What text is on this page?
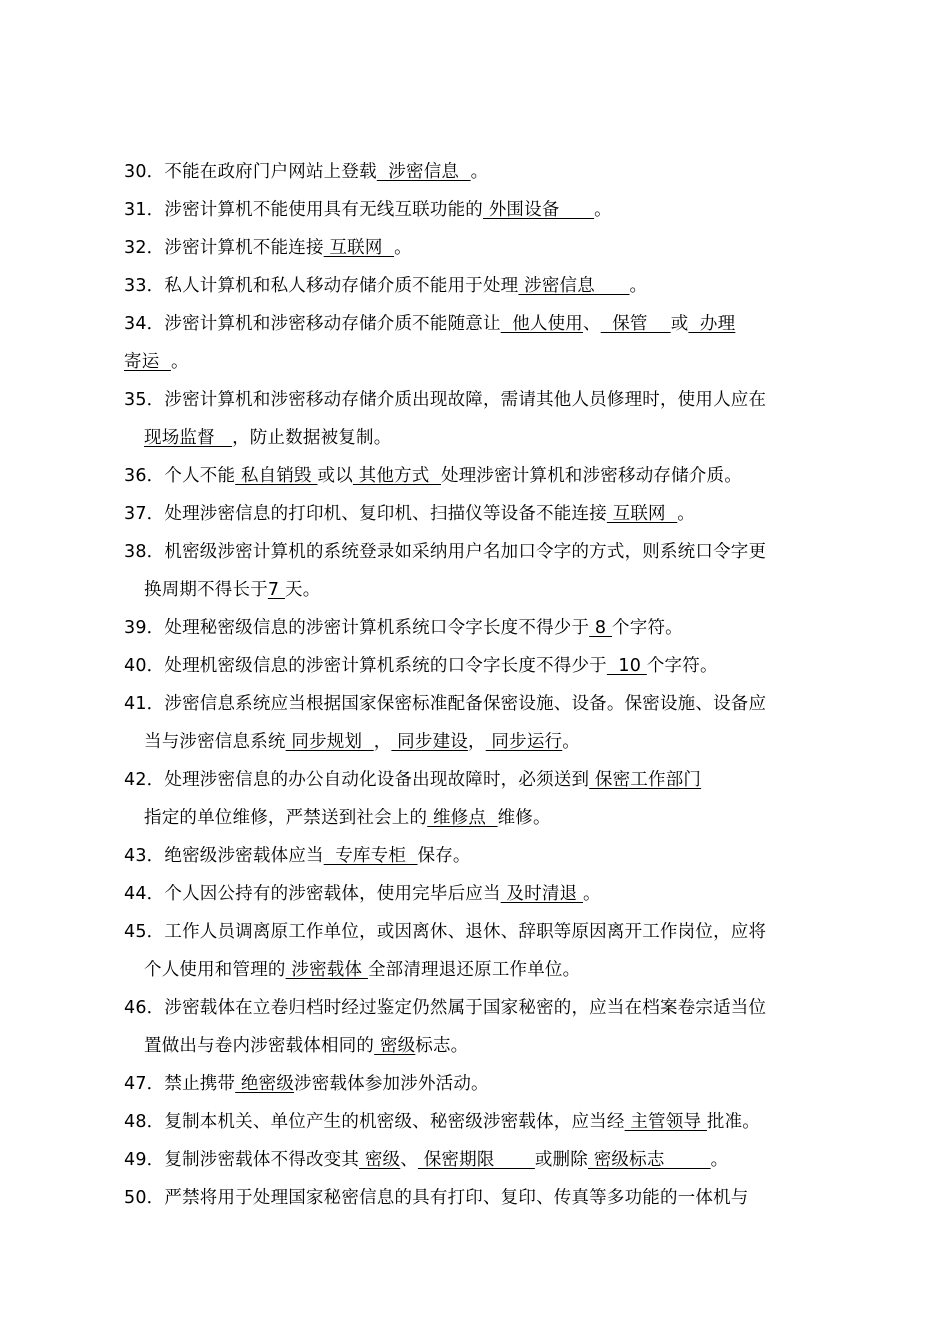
30．不能在政府门户网站上登载  涉密信息  。
31．涉密计算机不能使用具有无线互联功能的 外围设备      。
32．涉密计算机不能连接 互联网  。
33．私人计算机和私人移动存储介质不能用于处理 涉密信息      。
34．涉密计算机和涉密移动存储介质不能随意让  他人使用、  保管    或  办理
寄运  。
35．涉密计算机和涉密移动存储介质出现故障，需请其他人员修理时，使用人应在
现场监督   ，防止数据被复制。
36．个人不能 私自销毁 或以 其他方式  处理涉密计算机和涉密移动存储介质。
37．处理涉密信息的打印机、复印机、扫描仪等设备不能连接 互联网  。
38．机密级涉密计算机的系统登录如采纳用户名加口令字的方式，则系统口令字更
换周期不得长于7 天。
39．处理秘密级信息的涉密计算机系统口令字长度不得少于 8 个字符。
40．处理机密级信息的涉密计算机系统的口令字长度不得少于  10 个字符。
41．涉密信息系统应当根据国家保密标准配备保密设施、设备。保密设施、设备应
当与涉密信息系统 同步规划  ， 同步建设， 同步运行。
42．处理涉密信息的办公自动化设备出现故障时，必须送到 保密工作部门
指定的单位维修，严禁送到社会上的 维修点  维修。
43．绝密级涉密载体应当  专库专柜  保存。
44．个人因公持有的涉密载体，使用完毕后应当 及时清退 。
45．工作人员调离原工作单位，或因离休、退休、辞职等原因离开工作岗位，应将
个人使用和管理的 涉密载体 全部清理退还原工作单位。
46．涉密载体在立卷归档时经过鉴定仍然属于国家秘密的，应当在档案卷宗适当位
置做出与卷内涉密载体相同的 密级标志。
47．禁止携带 绝密级涉密载体参加涉外活动。
48．复制本机关、单位产生的机密级、秘密级涉密载体，应当经 主管领导 批准。
49．复制涉密载体不得改变其 密级、 保密期限       或删除 密级标志        。
50．严禁将用于处理国家秘密信息的具有打印、复印、传真等多功能的一体机与
